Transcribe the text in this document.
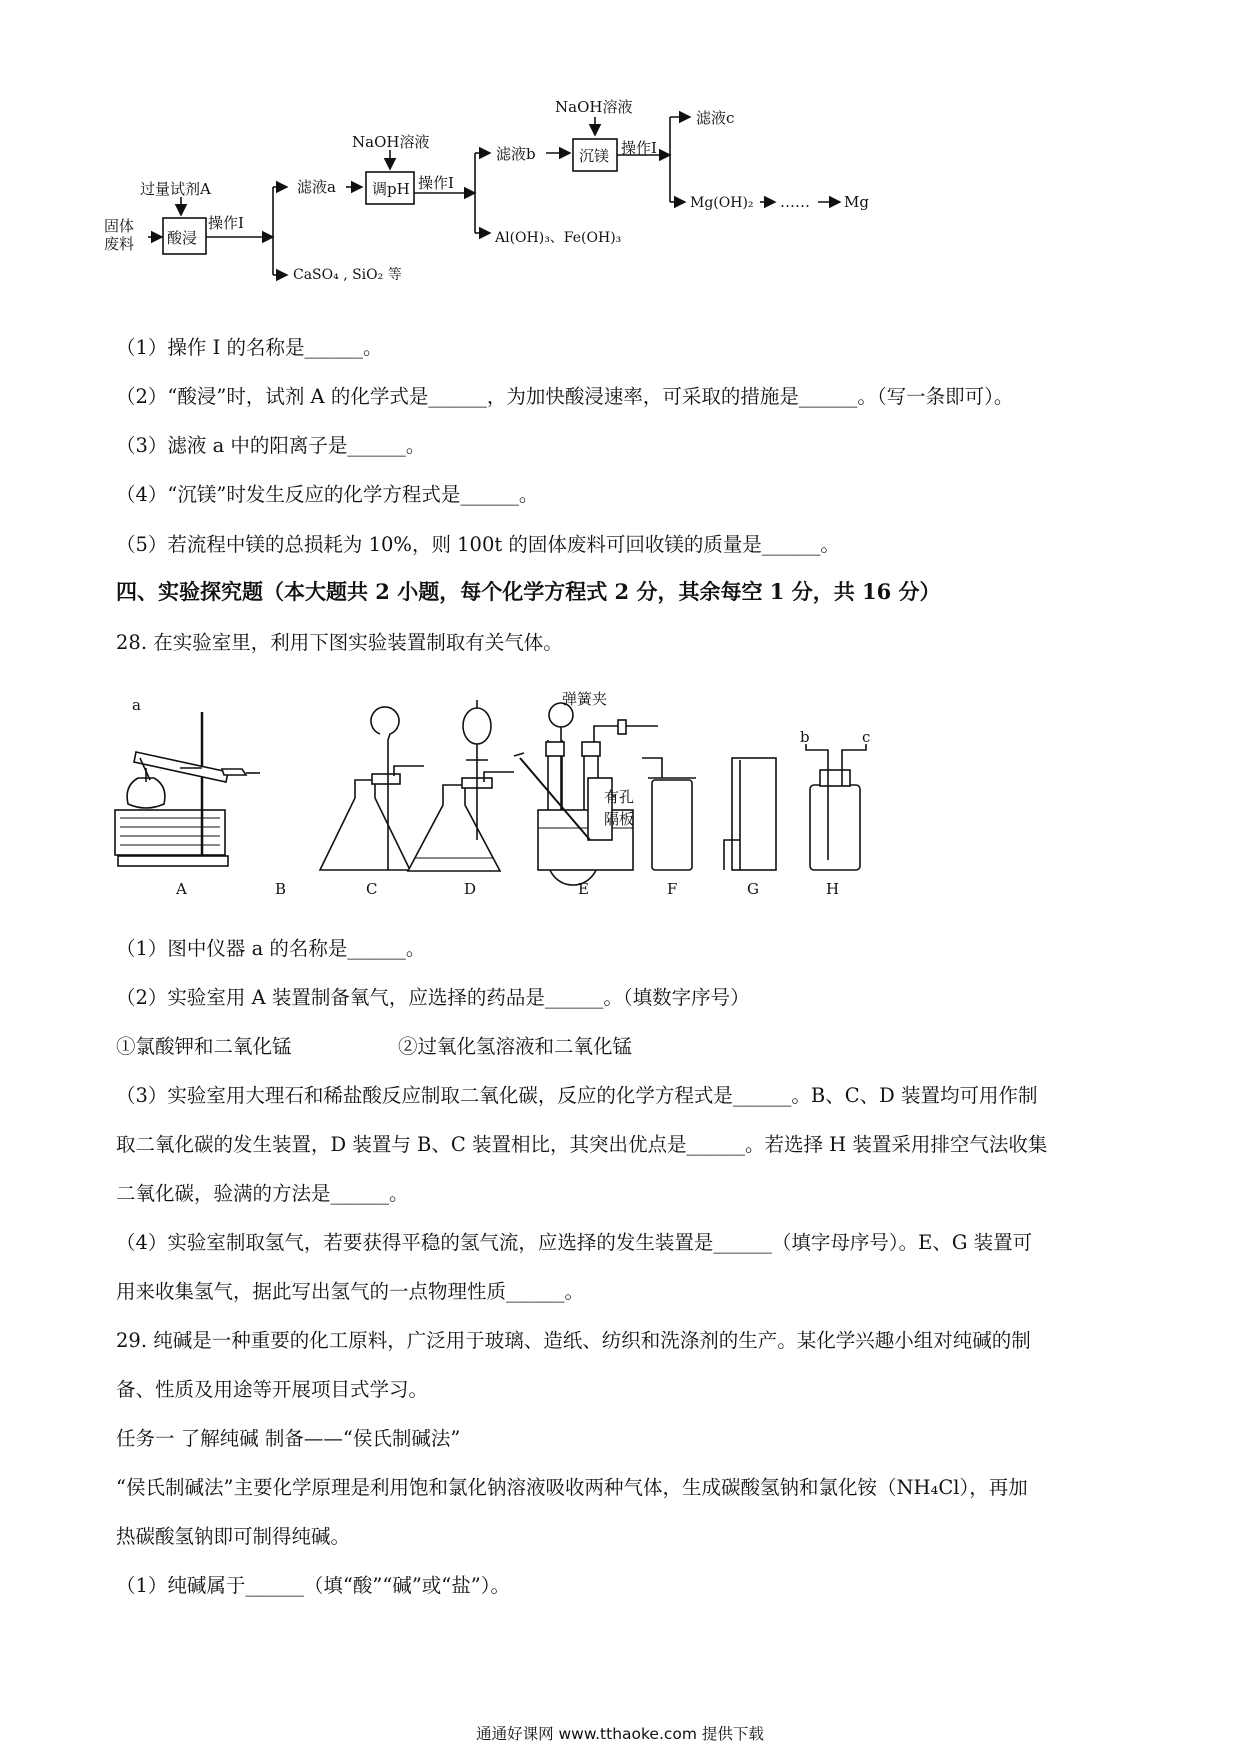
固体
废料
过量试剂A
酸浸
操作I
CaSO₄ , SiO₂ 等
滤液a
NaOH溶液
调pH 操作I
Al(OH)₃、Fe(OH)₃
滤液b
NaOH溶液
沉镁 操作I
滤液c
Mg(OH)₂ …… Mg
（1）操作 I 的名称是______。
（2）“酸浸”时，试剂 A 的化学式是______，为加快酸浸速率，可采取的措施是______。（写一条即可）。
（3）滤液 a 中的阳离子是______。
（4）“沉镁”时发生反应的化学方程式是______。
（5）若流程中镁的总损耗为 10%，则 100t 的固体废料可回收镁的质量是______。
四、实验探究题（本大题共 2 小题，每个化学方程式 2 分，其余每空 1 分，共 16 分）
28. 在实验室里，利用下图实验装置制取有关气体。
a	弹簧夹
有孔
隔板
b	c
A	B	C	D	E	F	G	H
（1）图中仪器 a 的名称是______。
（2）实验室用 A 装置制备氧气，应选择的药品是______。（填数字序号）
①氯酸钾和二氧化锰	②过氧化氢溶液和二氧化锰
（3）实验室用大理石和稀盐酸反应制取二氧化碳，反应的化学方程式是______。B、C、D 装置均可用作制
取二氧化碳的发生装置，D 装置与 B、C 装置相比，其突出优点是______。若选择 H 装置采用排空气法收集
二氧化碳，验满的方法是______。
（4）实验室制取氢气，若要获得平稳的氢气流，应选择的发生装置是______（填字母序号）。E、G 装置可
用来收集氢气，据此写出氢气的一点物理性质______。
29. 纯碱是一种重要的化工原料，广泛用于玻璃、造纸、纺织和洗涤剂的生产。某化学兴趣小组对纯碱的制
备、性质及用途等开展项目式学习。
任务一 了解纯碱 制备——“侯氏制碱法”
“侯氏制碱法”主要化学原理是利用饱和氯化钠溶液吸收两种气体，生成碳酸氢钠和氯化铵（NH₄Cl），再加
热碳酸氢钠即可制得纯碱。
（1）纯碱属于______（填“酸”“碱”或“盐”）。
通通好课网 www.tthaoke.com 提供下载
